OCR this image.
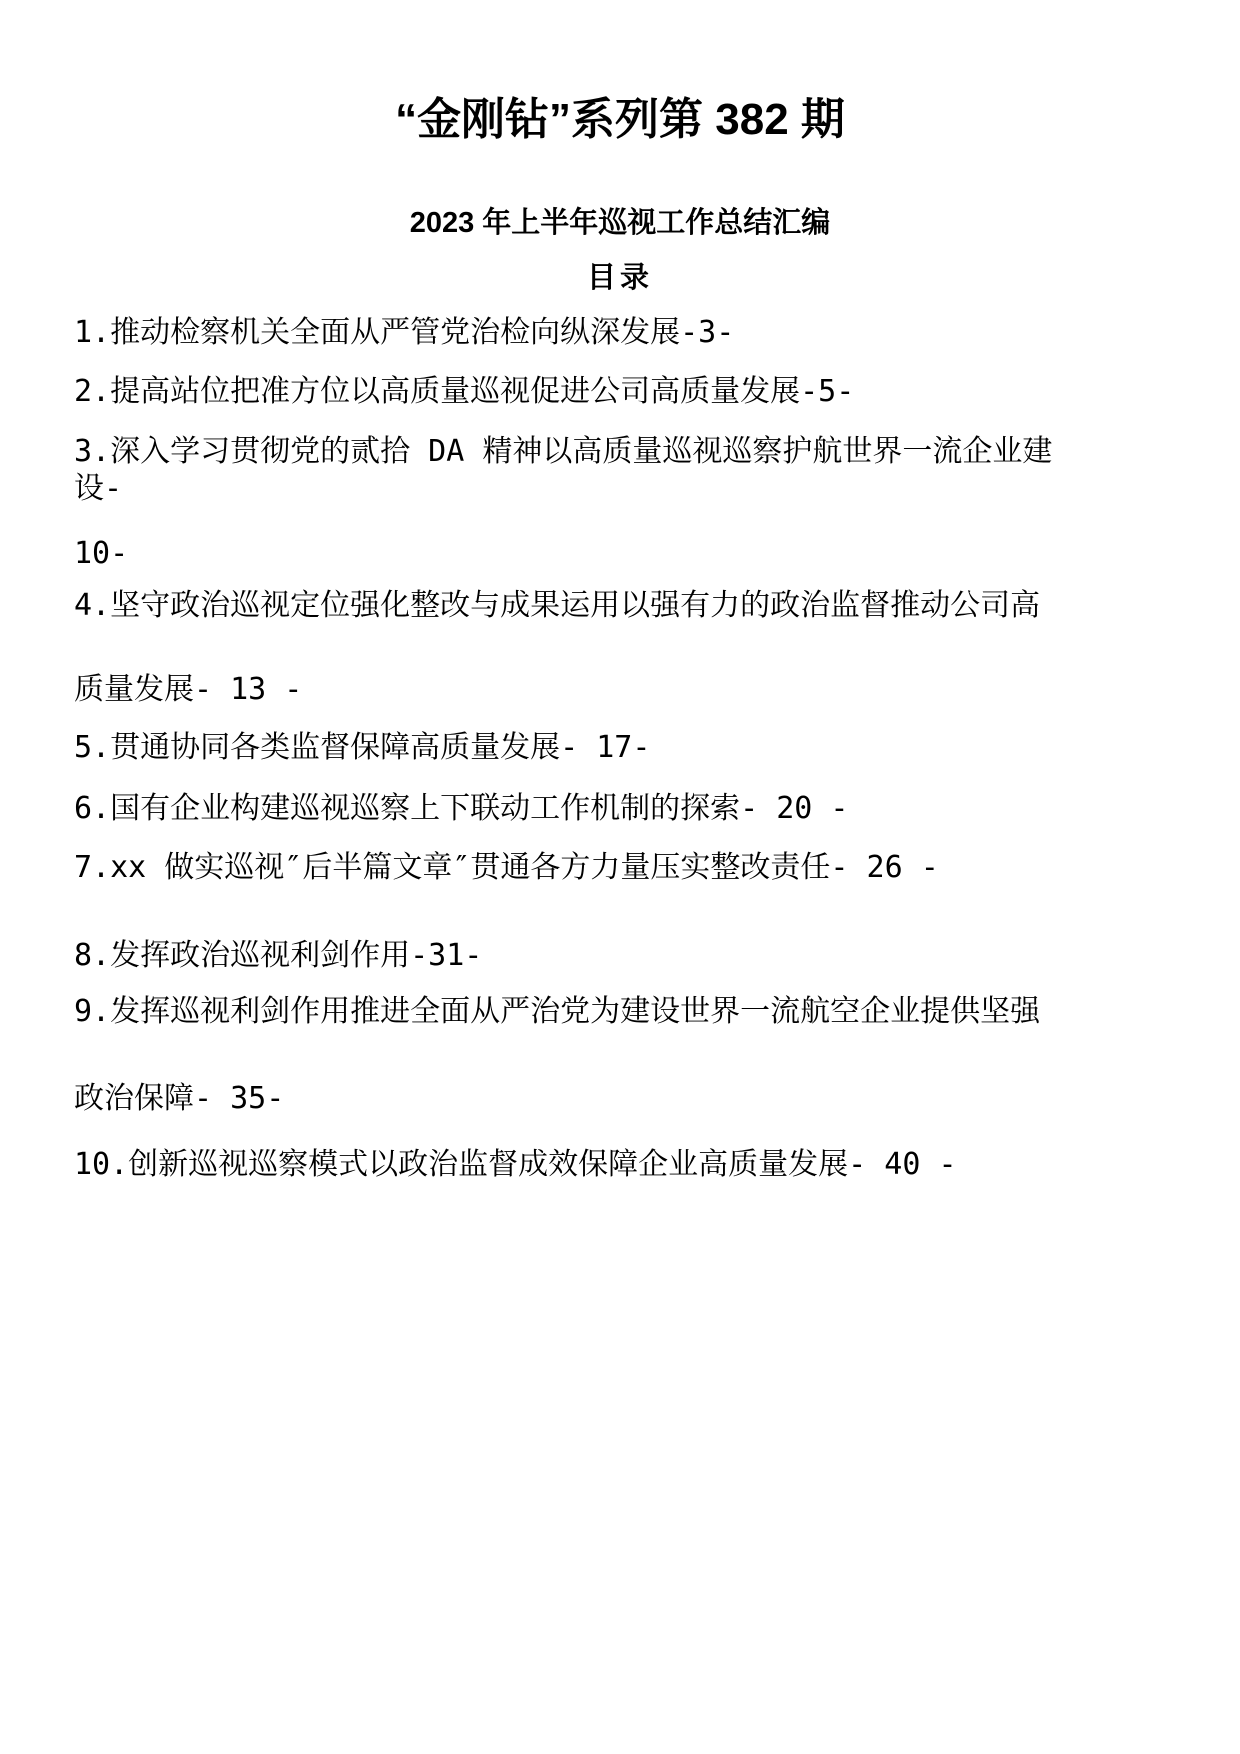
“金刚钻”系列第 382 期
2023 年上半年巡视工作总结汇编
目录
1.推动检察机关全面从严管党治检向纵深发展-3-
2.提高站位把准方位以高质量巡视促进公司高质量发展-5-
3.深入学习贯彻党的贰拾 DA 精神以高质量巡视巡察护航世界一流企业建
设-
10-
4.坚守政治巡视定位强化整改与成果运用以强有力的政治监督推动公司高
质量发展- 13 -
5.贯通协同各类监督保障高质量发展- 17-
6.国有企业构建巡视巡察上下联动工作机制的探索- 20 -
7.xx 做实巡视″后半篇文章″贯通各方力量压实整改责任- 26 -
8.发挥政治巡视利剑作用-31-
9.发挥巡视利剑作用推进全面从严治党为建设世界一流航空企业提供坚强
政治保障- 35-
10.创新巡视巡察模式以政治监督成效保障企业高质量发展- 40 -
